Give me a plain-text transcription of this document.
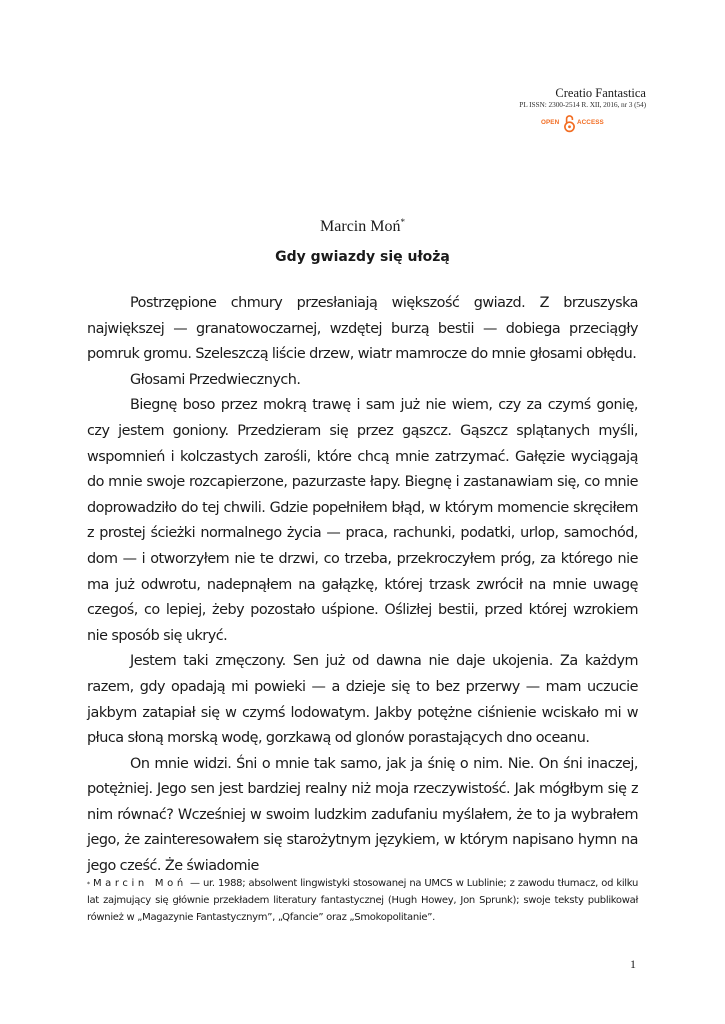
Creatio Fantastica
PL ISSN: 2300-2514 R. XII, 2016, nr 3 (54)
OPEN	ACCESS
Marcin Moń*
Gdy gwiazdy się ułożą

Postrzępione chmury przesłaniają większość gwiazd. Z brzuszyska największej — granatowoczarnej, wzdętej burzą bestii — dobiega przeciągły pomruk gromu. Szeleszczą liście drzew, wiatr mamrocze do mnie głosami obłędu.

Głosami Przedwiecznych.

Biegnę boso przez mokrą trawę i sam już nie wiem, czy za czymś gonię, czy jestem goniony. Przedzieram się przez gąszcz. Gąszcz splątanych myśli, wspomnień i kolczastych zarośli, które chcą mnie zatrzymać. Gałęzie wyciągają do mnie swoje rozcapierzone, pazurzaste łapy. Biegnę i zastanawiam się, co mnie doprowadziło do tej chwili. Gdzie popełniłem błąd, w którym momencie skręciłem z prostej ścieżki normalnego życia — praca, rachunki, podatki, urlop, samochód, dom — i otworzyłem nie te drzwi, co trzeba, przekroczyłem próg, za którego nie ma już odwrotu, nadepnąłem na gałązkę, której trzask zwrócił na mnie uwagę czegoś, co lepiej, żeby pozostało uśpione. Oślizłej bestii, przed której wzrokiem nie sposób się ukryć.

Jestem taki zmęczony. Sen już od dawna nie daje ukojenia. Za każdym razem, gdy opadają mi powieki — a dzieje się to bez przerwy — mam uczucie jakbym zatapiał się w czymś lodowatym. Jakby potężne ciśnienie wciskało mi w płuca słoną morską wodę, gorzkawą od glonów porastających dno oceanu.

On mnie widzi. Śni o mnie tak samo, jak ja śnię o nim. Nie. On śni inaczej, potężniej. Jego sen jest bardziej realny niż moja rzeczywistość. Jak mógłbym się z nim równać? Wcześniej w swoim ludzkim zadufaniu myślałem, że to ja wybrałem jego, że zainteresowałem się starożytnym językiem, w którym napisano hymn na jego cześć. Że świadomie

* Marcin Moń — ur. 1988; absolwent lingwistyki stosowanej na UMCS w Lublinie; z zawodu tłumacz, od kilku lat zajmujący się głównie przekładem literatury fantastycznej (Hugh Howey, Jon Sprunk); swoje teksty publikował również w „Magazynie Fantastycznym”, „Qfancie” oraz „Smokopolitanie”.
1
